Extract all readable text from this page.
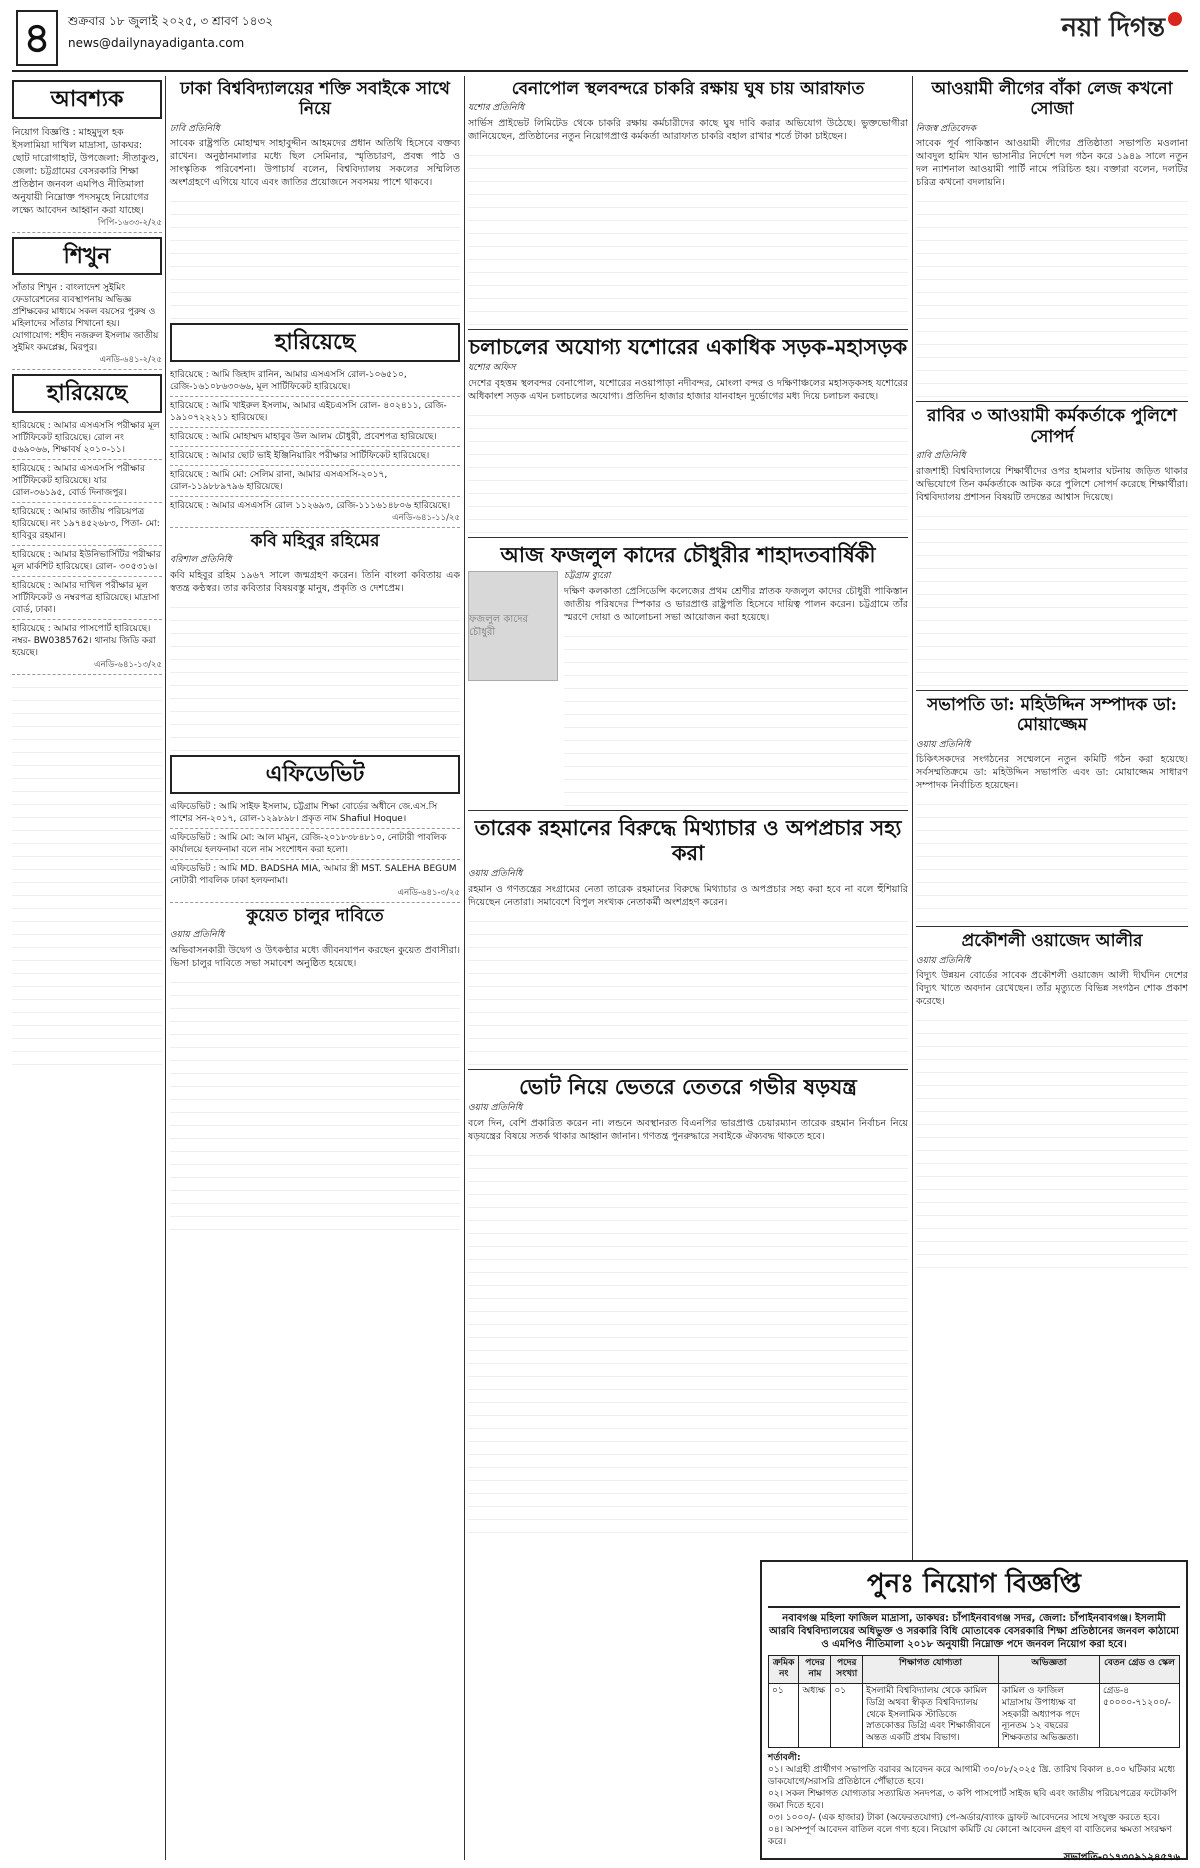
৪	শুক্রবার ১৮ জুলাই ২০২৫, ৩ শ্রাবণ ১৪৩২
news@dailynayadiganta.com	নয়া দিগন্ত
আবশ্যক
নিয়োগ বিজ্ঞপ্তি : মাহমুদুল হক ইসলামিয়া দাখিল মাদ্রাসা, ডাকঘর: ছোট দারোগাহাট, উপজেলা: সীতাকুণ্ড, জেলা: চট্টগ্রামের বেসরকারি শিক্ষা প্রতিষ্ঠান জনবল এমপিও নীতিমালা অনুযায়ী নিম্নোক্ত পদসমূহে নিয়োগের লক্ষ্যে আবেদন আহ্বান করা যাচ্ছে।
পিপি-১৬৩৩-২/২৫
শিখুন
সাঁতার শিখুন : বাংলাদেশ সুইমিং ফেডারেশনের ব্যবস্থাপনায় অভিজ্ঞ প্রশিক্ষকের মাধ্যমে সকল বয়সের পুরুষ ও মহিলাদের সাঁতার শিখানো হয়। যোগাযোগ: শহীদ নজরুল ইসলাম জাতীয় সুইমিং কমপ্লেক্স, মিরপুর।
এনডি-৬৪১-২/২৫
হারিয়েছে
হারিয়েছে : আমার এসএসসি পরীক্ষার মূল সার্টিফিকেট হারিয়েছে। রোল নং ৫৬৯০৬৬, শিক্ষাবর্ষ ২০১০-১১।
হারিয়েছে : আমার এসএসসি পরীক্ষার সার্টিফিকেট হারিয়েছে। যার রোল-৩৬১৯৫, বোর্ড দিনাজপুর।
হারিয়েছে : আমার জাতীয় পরিচয়পত্র হারিয়েছে। নং ১৯৭৪৫২৬৮৩, পিতা- মো: হাবিবুর রহমান।
হারিয়েছে : আমার ইউনিভার্সিটির পরীক্ষার মূল মার্কশিট হারিয়েছে। রোল- ৩০৫৩১৬।
হারিয়েছে : আমার দাখিল পরীক্ষার মূল সার্টিফিকেট ও নম্বরপত্র হারিয়েছে। মাদ্রাসা বোর্ড, ঢাকা।
হারিয়েছে : আমার পাসপোর্ট হারিয়েছে। নম্বর- BW0385762। থানায় জিডি করা হয়েছে।
এনডি-৬৪১-১৩/২৫
ঢাকা বিশ্ববিদ্যালয়ের শক্তি সবাইকে সাথে নিয়ে
ঢাবি প্রতিনিধি
সাবেক রাষ্ট্রপতি মোহাম্মদ সাহাবুদ্দীন আহমদের প্রধান অতিথি হিসেবে বক্তব্য রাখেন। অনুষ্ঠানমালার মধ্যে ছিল সেমিনার, স্মৃতিচারণ, প্রবন্ধ পাঠ ও সাংস্কৃতিক পরিবেশনা। উপাচার্য বলেন, বিশ্ববিদ্যালয় সকলের সম্মিলিত অংশগ্রহণে এগিয়ে যাবে এবং জাতির প্রয়োজনে সবসময় পাশে থাকবে।
হারিয়েছে
হারিয়েছে : আমি জিহাদ রানিন, আমার এসএসসি রোল-১০৬৫১০, রেজি-১৬১০৮৬৩০৬৬, মূল সার্টিফিকেট হারিয়েছে।
হারিয়েছে : আমি খাইরুল ইসলাম, আমার এইচএসসি রোল- ৪০২৪১১, রেজি- ১৯১০৭২২২১১ হারিয়েছে।
হারিয়েছে : আমি মোহাম্মদ মাহাবুব উল আলম চৌধুরী, প্রবেশপত্র হারিয়েছে।
হারিয়েছে : আমার ছোট ভাই ইঞ্জিনিয়ারিং পরীক্ষার সার্টিফিকেট হারিয়েছে।
হারিয়েছে : আমি মো: সেলিম রানা, আমার এসএসসি-২০১৭, রোল-১১৯৮৮৯৭৯৬ হারিয়েছে।
হারিয়েছে : আমার এসএসসি রোল ১১২৬৯৩, রেজি-১১১৬১৪৮০৬ হারিয়েছে।
এনডি-৬৪১-১১/২৫
কবি মহিবুর রহিমের
বরিশাল প্রতিনিধি
কবি মহিবুর রহিম ১৯৬৭ সালে জন্মগ্রহণ করেন। তিনি বাংলা কবিতায় এক স্বতন্ত্র কণ্ঠস্বর। তার কবিতার বিষয়বস্তু মানুষ, প্রকৃতি ও দেশপ্রেম।
এফিডেভিট
এফিডেভিট : আমি সাইফ ইসলাম, চট্টগ্রাম শিক্ষা বোর্ডের অধীনে জে.এস.সি পাশের সন-২০১৭, রোল-১২৯৮৯৮। প্রকৃত নাম Shafiul Hoque।
এফিডেভিট : আমি মো: আল মামুন, রেজি-২০১৮৩৮৪৮১০, নোটারী পাবলিক কার্যালয়ে হলফনামা বলে নাম সংশোধন করা হলো।
এফিডেভিট : আমি MD. BADSHA MIA, আমার স্ত্রী MST. SALEHA BEGUM নোটারী পাবলিক ঢাকা হলফনামা।
এনডি-৬৪১-৩/২৫
কুয়েত চালুর দাবিতে
ওয়ায় প্রতিনিধি
অভিবাসনকারী উদ্বেগ ও উৎকণ্ঠার মধ্যে জীবনযাপন করছেন কুয়েত প্রবাসীরা। ভিসা চালুর দাবিতে সভা সমাবেশ অনুষ্ঠিত হয়েছে।
বেনাপোল স্থলবন্দরে চাকরি রক্ষায় ঘুষ চায় আরাফাত
যশোর প্রতিনিধি
সার্ভিস প্রাইভেট লিমিটেড থেকে চাকরি রক্ষায় কর্মচারীদের কাছে ঘুষ দাবি করার অভিযোগ উঠেছে। ভুক্তভোগীরা জানিয়েছেন, প্রতিষ্ঠানের নতুন নিয়োগপ্রাপ্ত কর্মকর্তা আরাফাত চাকরি বহাল রাখার শর্তে টাকা চাইছেন।
চলাচলের অযোগ্য যশোরের একাধিক সড়ক-মহাসড়ক
যশোর অফিস
দেশের বৃহত্তম স্থলবন্দর বেনাপোল, যশোরের নওয়াপাড়া নদীবন্দর, মোংলা বন্দর ও দক্ষিণাঞ্চলের মহাসড়কসহ যশোরের অধিকাংশ সড়ক এখন চলাচলের অযোগ্য। প্রতিদিন হাজার হাজার যানবাহন দুর্ভোগের মধ্য দিয়ে চলাচল করছে।
আজ ফজলুল কাদের চৌধুরীর শাহাদতবার্ষিকী
ফজলুল কাদের চৌধুরী
চট্টগ্রাম ব্যুরো
দক্ষিণ কলকাতা প্রেসিডেন্সি কলেজের প্রথম শ্রেণীর স্নাতক ফজলুল কাদের চৌধুরী পাকিস্তান জাতীয় পরিষদের স্পিকার ও ভারপ্রাপ্ত রাষ্ট্রপতি হিসেবে দায়িত্ব পালন করেন। চট্টগ্রামে তাঁর স্মরণে দোয়া ও আলোচনা সভা আয়োজন করা হয়েছে।
তারেক রহমানের বিরুদ্ধে মিথ্যাচার ও অপপ্রচার সহ্য করা
ওয়ায় প্রতিনিধি
রহমান ও গণতন্ত্রের সংগ্রামের নেতা তারেক রহমানের বিরুদ্ধে মিথ্যাচার ও অপপ্রচার সহ্য করা হবে না বলে হুঁশিয়ারি দিয়েছেন নেতারা। সমাবেশে বিপুল সংখ্যক নেতাকর্মী অংশগ্রহণ করেন।
ভোট নিয়ে ভেতরে তেতরে গভীর ষড়যন্ত্র
ওয়ায় প্রতিনিধি
বলে দিন, বেশি প্রকারিত করেন না। লন্ডনে অবস্থানরত বিএনপির ভারপ্রাপ্ত চেয়ারম্যান তারেক রহমান নির্বাচন নিয়ে ষড়যন্ত্রের বিষয়ে সতর্ক থাকার আহ্বান জানান। গণতন্ত্র পুনরুদ্ধারে সবাইকে ঐক্যবদ্ধ থাকতে হবে।
আওয়ামী লীগের বাঁকা লেজ কখনো সোজা
নিজস্ব প্রতিবেদক
সাবেক পূর্ব পাকিস্তান আওয়ামী লীগের প্রতিষ্ঠাতা সভাপতি মওলানা আবদুল হামিদ খান ভাসানীর নির্দেশে দল গঠন করে ১৯৪৯ সালে নতুন দল ন্যাশনাল আওয়ামী পার্টি নামে পরিচিত হয়। বক্তারা বলেন, দলটির চরিত্র কখনো বদলায়নি।
রাবির ৩ আওয়ামী কর্মকর্তাকে পুলিশে সোপর্দ
রাবি প্রতিনিধি
রাজশাহী বিশ্ববিদ্যালয়ে শিক্ষার্থীদের ওপর হামলার ঘটনায় জড়িত থাকার অভিযোগে তিন কর্মকর্তাকে আটক করে পুলিশে সোপর্দ করেছে শিক্ষার্থীরা। বিশ্ববিদ্যালয় প্রশাসন বিষয়টি তদন্তের আশ্বাস দিয়েছে।
সভাপতি ডা: মহিউদ্দিন সম্পাদক ডা: মোয়াজ্জেম
ওয়ায় প্রতিনিধি
চিকিৎসকদের সংগঠনের সম্মেলনে নতুন কমিটি গঠন করা হয়েছে। সর্বসম্মতিক্রমে ডা: মহিউদ্দিন সভাপতি এবং ডা: মোয়াজ্জেম সাধারণ সম্পাদক নির্বাচিত হয়েছেন।
প্রকৌশলী ওয়াজেদ আলীর
ওয়ায় প্রতিনিধি
বিদ্যুৎ উন্নয়ন বোর্ডের সাবেক প্রকৌশলী ওয়াজেদ আলী দীর্ঘদিন দেশের বিদ্যুৎ খাতে অবদান রেখেছেন। তাঁর মৃত্যুতে বিভিন্ন সংগঠন শোক প্রকাশ করেছে।
পুনঃ নিয়োগ বিজ্ঞপ্তি
নবাবগঞ্জ মহিলা ফাজিল মাদ্রাসা, ডাকঘর: চাঁপাইনবাবগঞ্জ সদর, জেলা: চাঁপাইনবাবগঞ্জ। ইসলামী আরবি বিশ্ববিদ্যালয়ের অধিভুক্ত ও সরকারি বিধি মোতাবেক বেসরকারি শিক্ষা প্রতিষ্ঠানের জনবল কাঠামো ও এমপিও নীতিমালা ২০১৮ অনুযায়ী নিম্নোক্ত পদে জনবল নিয়োগ করা হবে।
ক্রমিক নং	পদের নাম	পদের সংখ্যা	শিক্ষাগত যোগ্যতা	অভিজ্ঞতা	বেতন গ্রেড ও স্কেল
০১	অধ্যক্ষ	০১	ইসলামী বিশ্ববিদ্যালয় থেকে কামিল ডিগ্রি অথবা স্বীকৃত বিশ্ববিদ্যালয় থেকে ইসলামিক স্টাডিজে স্নাতকোত্তর ডিগ্রি এবং শিক্ষাজীবনে অন্তত একটি প্রথম বিভাগ।	কামিল ও ফাজিল মাদ্রাসায় উপাধ্যক্ষ বা সহকারী অধ্যাপক পদে ন্যূনতম ১২ বছরের শিক্ষকতার অভিজ্ঞতা।	গ্রেড-৪ ৫০০০০-৭১২০০/-
শর্তাবলী:
০১। আগ্রহী প্রার্থীগণ সভাপতি বরাবর আবেদন করে আগামী ৩০/০৮/২০২৫ খ্রি. তারিখ বিকাল ৪.০০ ঘটিকার মধ্যে ডাকযোগে/সরাসরি প্রতিষ্ঠানে পৌঁছাতে হবে।
০২। সকল শিক্ষাগত যোগ্যতার সত্যায়িত সনদপত্র, ৩ কপি পাসপোর্ট সাইজ ছবি এবং জাতীয় পরিচয়পত্রের ফটোকপি জমা দিতে হবে।
০৩। ১০০০/- (এক হাজার) টাকা (অফেরতযোগ্য) পে-অর্ডার/ব্যাংক ড্রাফট আবেদনের সাথে সংযুক্ত করতে হবে।
০৪। অসম্পূর্ণ আবেদন বাতিল বলে গণ্য হবে। নিয়োগ কমিটি যে কোনো আবেদন গ্রহণ বা বাতিলের ক্ষমতা সংরক্ষণ করে।
সভাপতি-০১৭৩০৯১২৪৫৭৬
